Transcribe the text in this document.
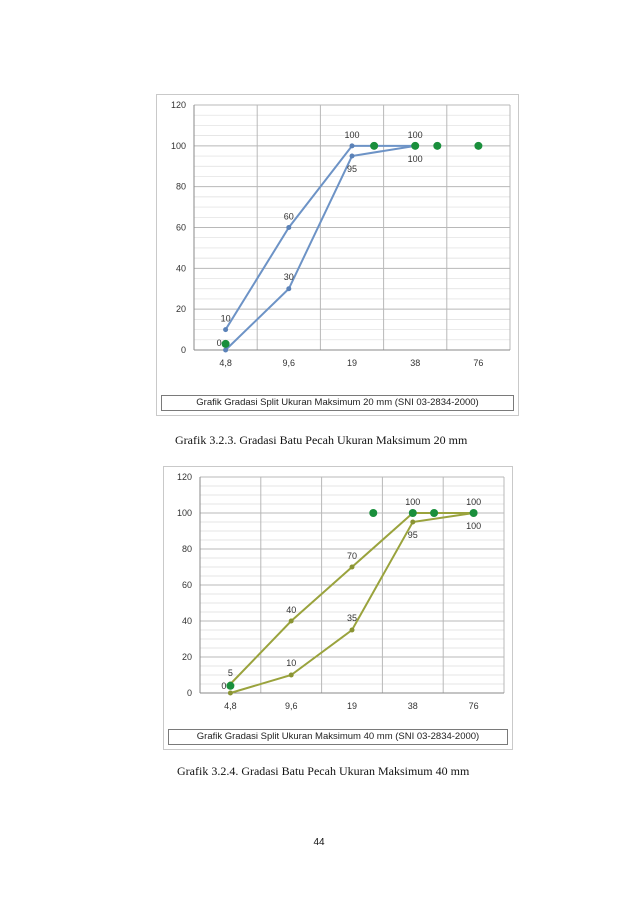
0
20
40
60
80
100
120
4,8	9,6	19	38	76
10
60
100	100
0
30
95
100
Grafik Gradasi Split Ukuran Maksimum 20 mm (SNI 03-2834-2000)
Grafik 3.2.3. Gradasi Batu Pecah Ukuran Maksimum 20 mm
0
20
40
60
80
100
120
4,8	9,6	19	38	76
5
40
70
100	100
0
10
35
95
100
Grafik Gradasi Split Ukuran Maksimum 40 mm (SNI 03-2834-2000)
Grafik 3.2.4. Gradasi Batu Pecah Ukuran Maksimum 40 mm
44
